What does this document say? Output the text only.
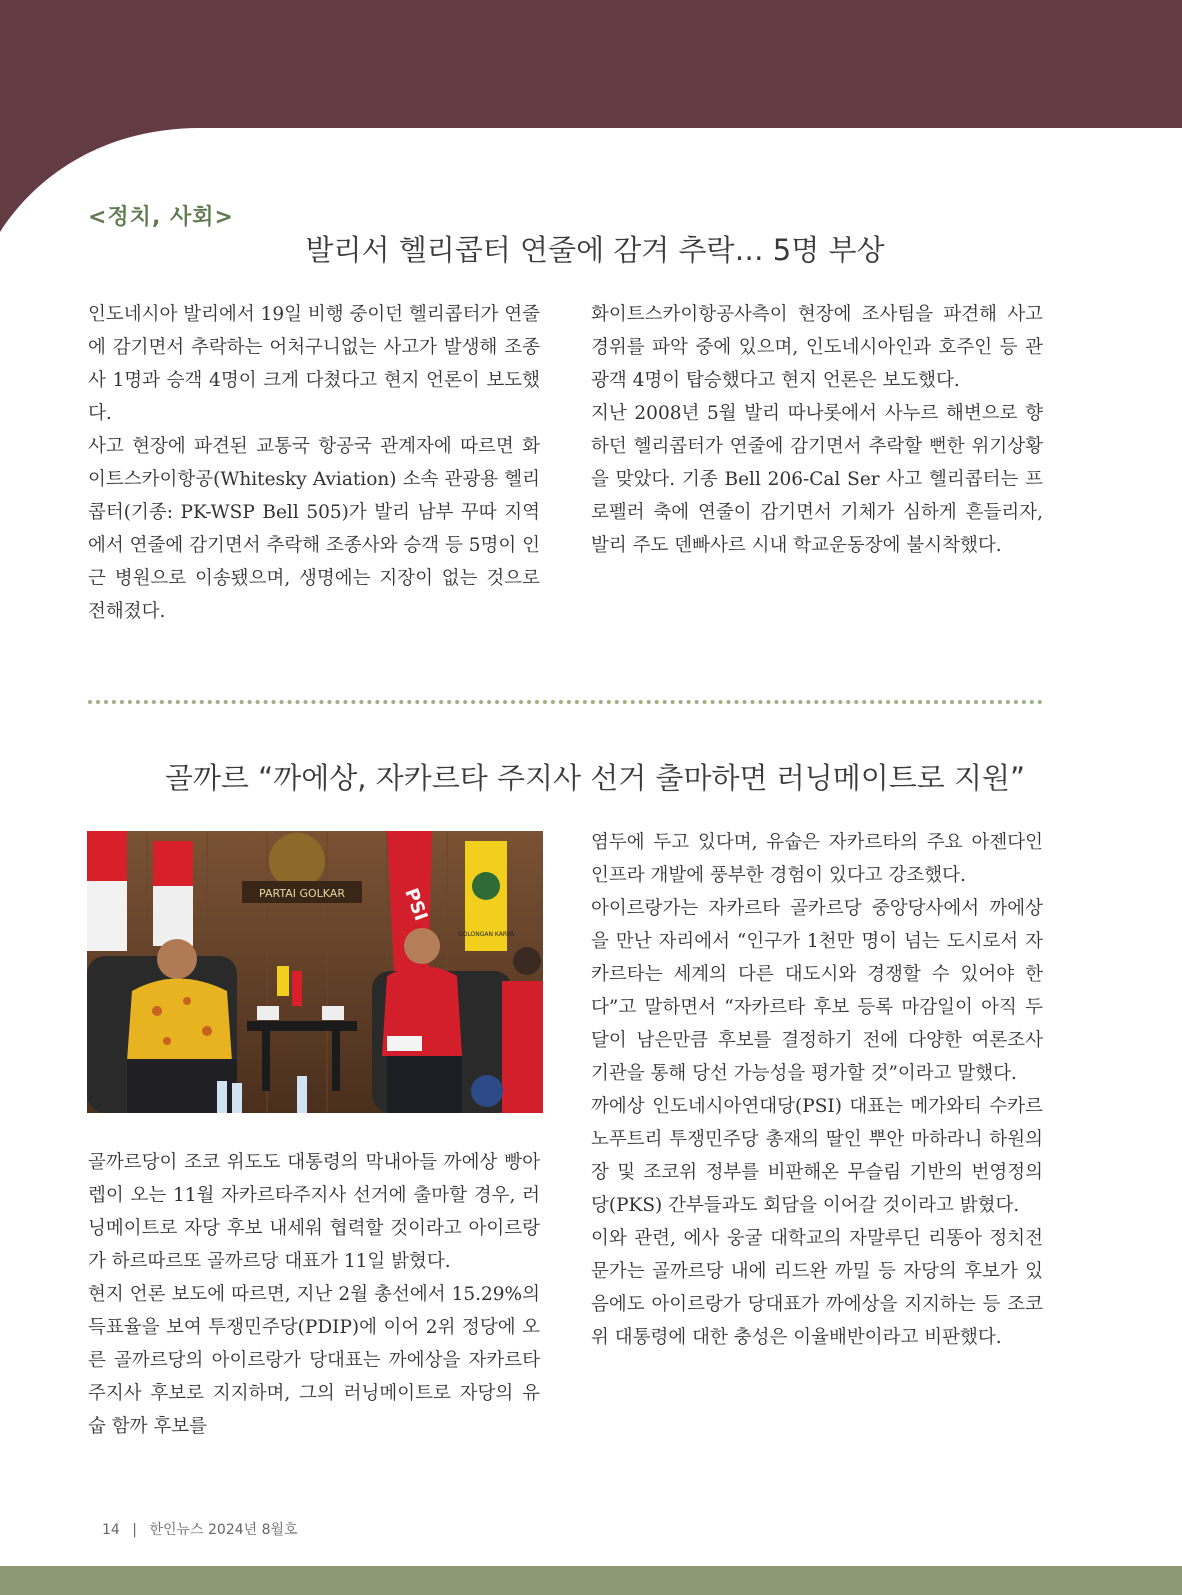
<정치, 사회>
발리서 헬리콥터 연줄에 감겨 추락… 5명 부상

인도네시아 발리에서 19일 비행 중이던 헬리콥터가 연줄에 감기면서 추락하는 어처구니없는 사고가 발생해 조종사 1명과 승객 4명이 크게 다쳤다고 현지 언론이 보도했다.

사고 현장에 파견된 교통국 항공국 관계자에 따르면 화이트스카이항공(Whitesky Aviation) 소속 관광용 헬리콥터(기종: PK-WSP Bell 505)가 발리 남부 꾸따 지역에서 연줄에 감기면서 추락해 조종사와 승객 등 5명이 인근 병원으로 이송됐으며, 생명에는 지장이 없는 것으로 전해졌다.

화이트스카이항공사측이 현장에 조사팀을 파견해 사고 경위를 파악 중에 있으며, 인도네시아인과 호주인 등 관광객 4명이 탑승했다고 현지 언론은 보도했다.

지난 2008년 5월 발리 따나롯에서 사누르 해변으로 향하던 헬리콥터가 연줄에 감기면서 추락할 뻔한 위기상황을 맞았다. 기종 Bell 206-Cal Ser 사고 헬리콥터는 프로펠러 축에 연줄이 감기면서 기체가 심하게 흔들리자, 발리 주도 덴빠사르 시내 학교운동장에 불시착했다.

골까르 “까에상, 자카르타 주지사 선거 출마하면 러닝메이트로 지원”
PARTAI GOLKAR	PSI
GOLONGAN KARYA

골까르당이 조코 위도도 대통령의 막내아들 까에상 빵아렙이 오는 11월 자카르타주지사 선거에 출마할 경우, 러닝메이트로 자당 후보 내세워 협력할 것이라고 아이르랑가 하르따르또 골까르당 대표가 11일 밝혔다.

현지 언론 보도에 따르면, 지난 2월 총선에서 15.29%의 득표율을 보여 투쟁민주당(PDIP)에 이어 2위 정당에 오른 골까르당의 아이르랑가 당대표는 까에상을 자카르타 주지사 후보로 지지하며, 그의 러닝메이트로 자당의 유숩 함까 후보를

염두에 두고 있다며, 유숩은 자카르타의 주요 아젠다인 인프라 개발에 풍부한 경험이 있다고 강조했다.

아이르랑가는 자카르타 골카르당 중앙당사에서 까에상을 만난 자리에서 “인구가 1천만 명이 넘는 도시로서 자카르타는 세계의 다른 대도시와 경쟁할 수 있어야 한다”고 말하면서 “자카르타 후보 등록 마감일이 아직 두 달이 남은만큼 후보를 결정하기 전에 다양한 여론조사 기관을 통해 당선 가능성을 평가할 것”이라고 말했다.

까에상 인도네시아연대당(PSI) 대표는 메가와티 수카르노푸트리 투쟁민주당 총재의 딸인 뿌안 마하라니 하원의장 및 조코위 정부를 비판해온 무슬림 기반의 번영정의당(PKS) 간부들과도 회담을 이어갈 것이라고 밝혔다.

이와 관련, 에사 웅굴 대학교의 자말루딘 리똥아 정치전문가는 골까르당 내에 리드완 까밀 등 자당의 후보가 있음에도 아이르랑가 당대표가 까에상을 지지하는 등 조코위 대통령에 대한 충성은 이율배반이라고 비판했다.

14 | 한인뉴스 2024년 8월호
